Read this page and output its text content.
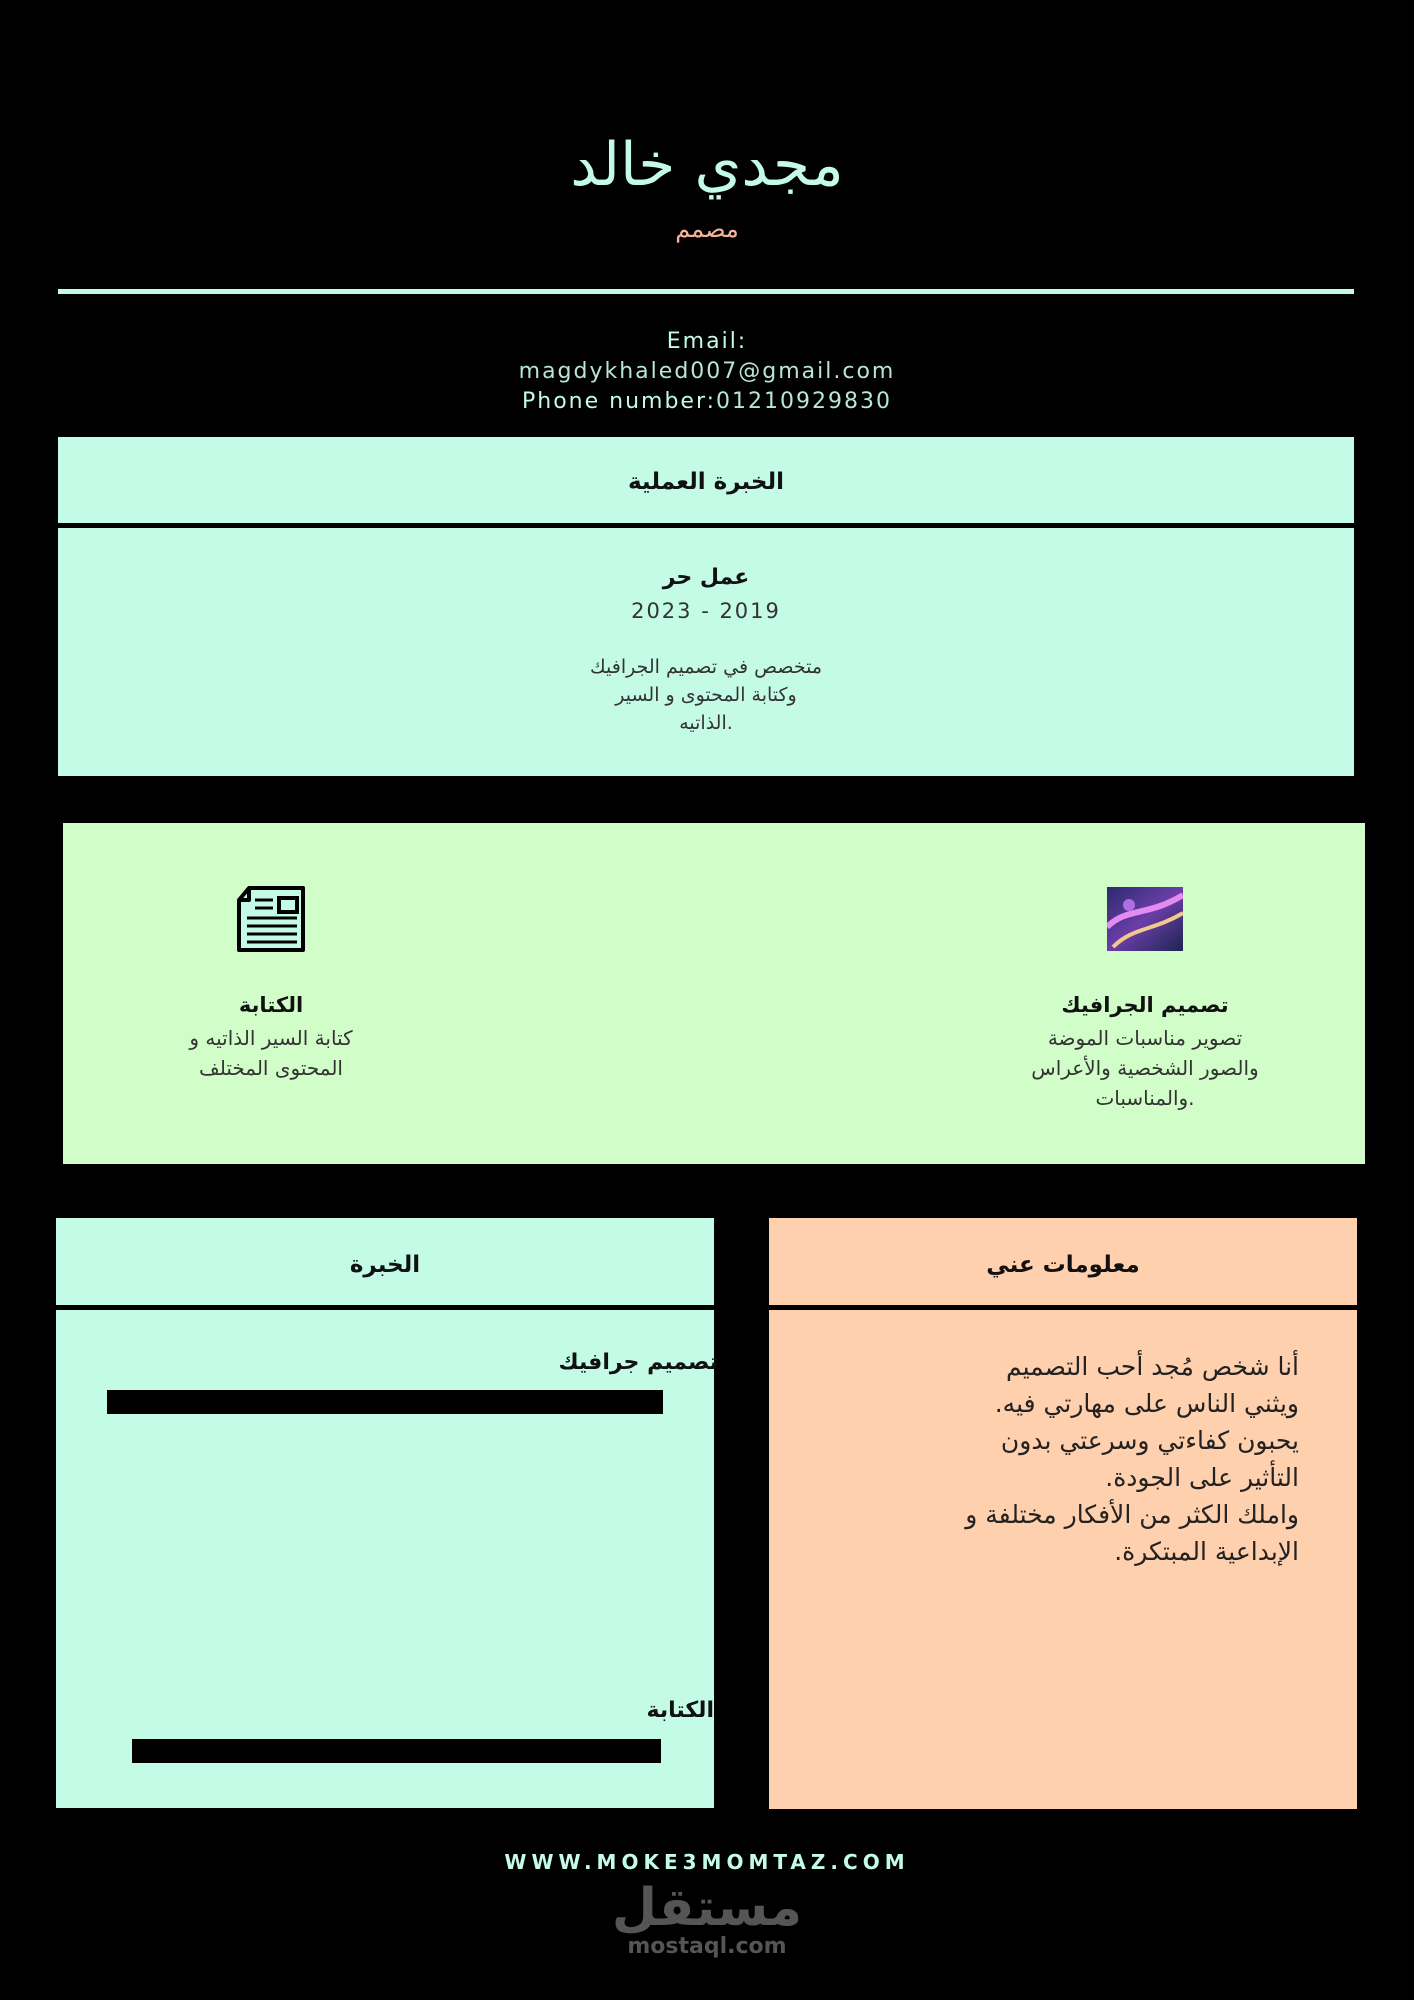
مجدي خالد
مصمم
Email:
magdykhaled007@gmail.com
Phone number:01210929830
الخبرة العملية
عمل حر
2023 - 2019
متخصص في تصميم الجرافيك
وكتابة المحتوى و السير
الذاتيه.
الكتابة
كتابة السير الذاتيه و
المحتوى المختلف
تصميم الجرافيك
تصوير مناسبات الموضة
والصور الشخصية والأعراس
والمناسبات.
الخبرة
تصميم جرافيك
الكتابة
معلومات عني
أنا شخص مُجد أحب التصميم
ويثني الناس على مهارتي فيه.
يحبون كفاءتي وسرعتي بدون
التأثير على الجودة.
واملك الكثر من الأفكار مختلفة و
الإبداعية المبتكرة.
WWW.MOKE3MOMTAZ.COM
مستقل
mostaql.com
